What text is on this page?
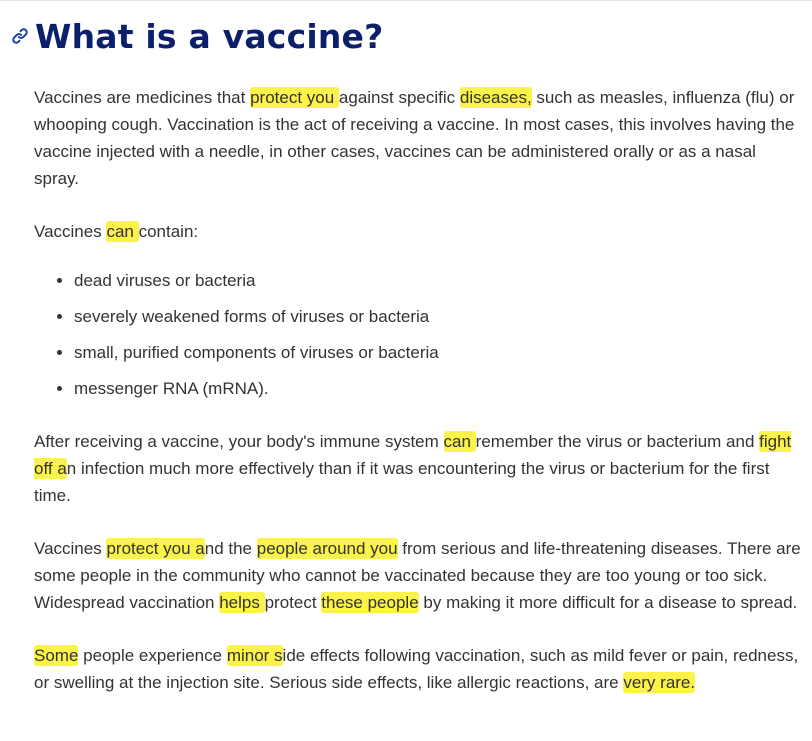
What is a vaccine?

Vaccines are medicines that protect you against specific diseases, such as measles, influenza (flu) or whooping cough. Vaccination is the act of receiving a vaccine. In most cases, this involves having the vaccine injected with a needle, in other cases, vaccines can be administered orally or as a nasal spray.

Vaccines can contain:

• dead viruses or bacteria
• severely weakened forms of viruses or bacteria
• small, purified components of viruses or bacteria
• messenger RNA (mRNA).

After receiving a vaccine, your body's immune system can remember the virus or bacterium and fight off an infection much more effectively than if it was encountering the virus or bacterium for the first time.

Vaccines protect you and the people around you from serious and life-threatening diseases. There are some people in the community who cannot be vaccinated because they are too young or too sick. Widespread vaccination helps protect these people by making it more difficult for a disease to spread.

Some people experience minor side effects following vaccination, such as mild fever or pain, redness, or swelling at the injection site. Serious side effects, like allergic reactions, are very rare.
